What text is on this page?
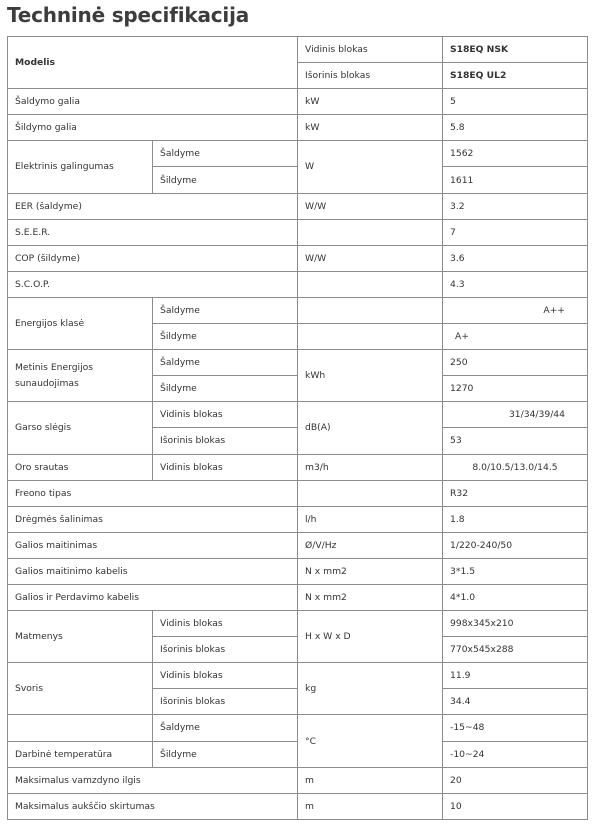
Techninė specifikacija
Modelis		Vidinis blokas	S18EQ NSK
		Išorinis blokas	S18EQ UL2
Šaldymo galia		kW	5
Šildymo galia		kW	5.8
Elektrinis galingumas	Šaldyme	W	1562
	Šildyme		1611
EER (šaldyme)		W/W	3.2
S.E.E.R.			7
COP (šildyme)		W/W	3.6
S.C.O.P.			4.3
Energijos klasė	Šaldyme		A++
	Šildyme		A+
Metinis Energijos sunaudojimas	Šaldyme	kWh	250
	Šildyme		1270
Garso slėgis	Vidinis blokas	dB(A)	31/34/39/44
	Išorinis blokas		53
Oro srautas	Vidinis blokas	m3/h	8.0/10.5/13.0/14.5
Freono tipas			R32
Drėgmės šalinimas		l/h	1.8
Galios maitinimas		Ø/V/Hz	1/220-240/50
Galios maitinimo kabelis		N x mm2	3*1.5
Galios ir Perdavimo kabelis		N x mm2	4*1.0
Matmenys	Vidinis blokas	H x W x D	998x345x210
	Išorinis blokas		770x545x288
Svoris	Vidinis blokas	kg	11.9
	Išorinis blokas		34.4
	Šaldyme	°C	-15~48
Darbinė temperatūra	Šildyme		-10~24
Maksimalus vamzdyno ilgis		m	20
Maksimalus aukščio skirtumas		m	10
